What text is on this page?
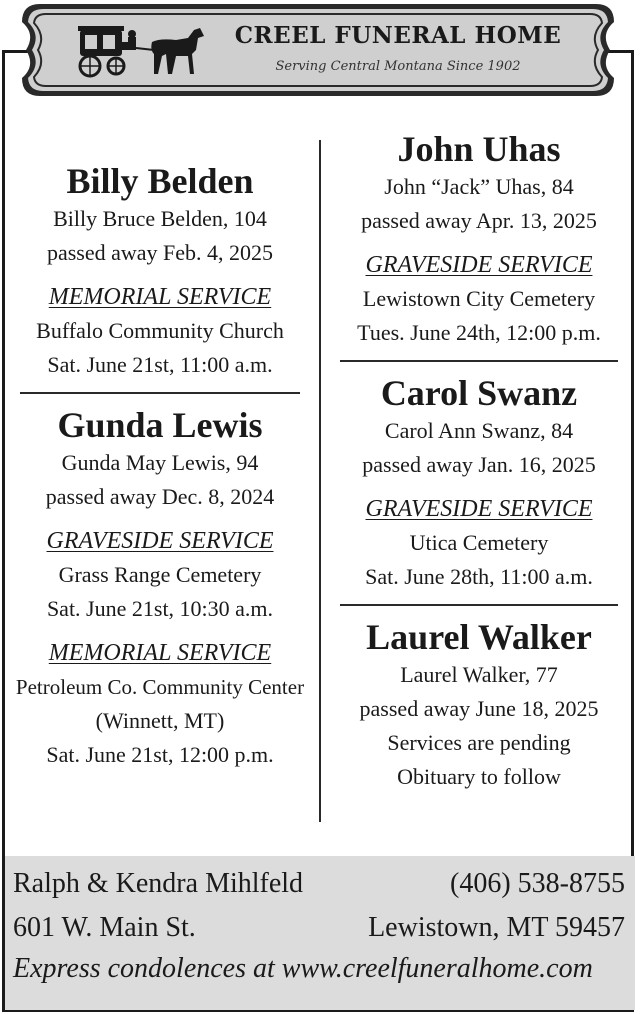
CREEL FUNERAL HOME
Serving Central Montana Since 1902
Billy Belden
Billy Bruce Belden, 104
passed away Feb. 4, 2025
MEMORIAL SERVICE
Buffalo Community Church
Sat. June 21st, 11:00 a.m.
Gunda Lewis
Gunda May Lewis, 94
passed away Dec. 8, 2024
GRAVESIDE SERVICE
Grass Range Cemetery
Sat. June 21st, 10:30 a.m.
MEMORIAL SERVICE
Petroleum Co. Community Center
(Winnett, MT)
Sat. June 21st, 12:00 p.m.
John Uhas
John “Jack” Uhas, 84
passed away Apr. 13, 2025
GRAVESIDE SERVICE
Lewistown City Cemetery
Tues. June 24th, 12:00 p.m.
Carol Swanz
Carol Ann Swanz, 84
passed away Jan. 16, 2025
GRAVESIDE SERVICE
Utica Cemetery
Sat. June 28th, 11:00 a.m.
Laurel Walker
Laurel Walker, 77
passed away June 18, 2025
Services are pending
Obituary to follow
Ralph & Kendra Mihlfeld	(406) 538-8755
601 W. Main St.	Lewistown, MT 59457
Express condolences at www.creelfuneralhome.com
